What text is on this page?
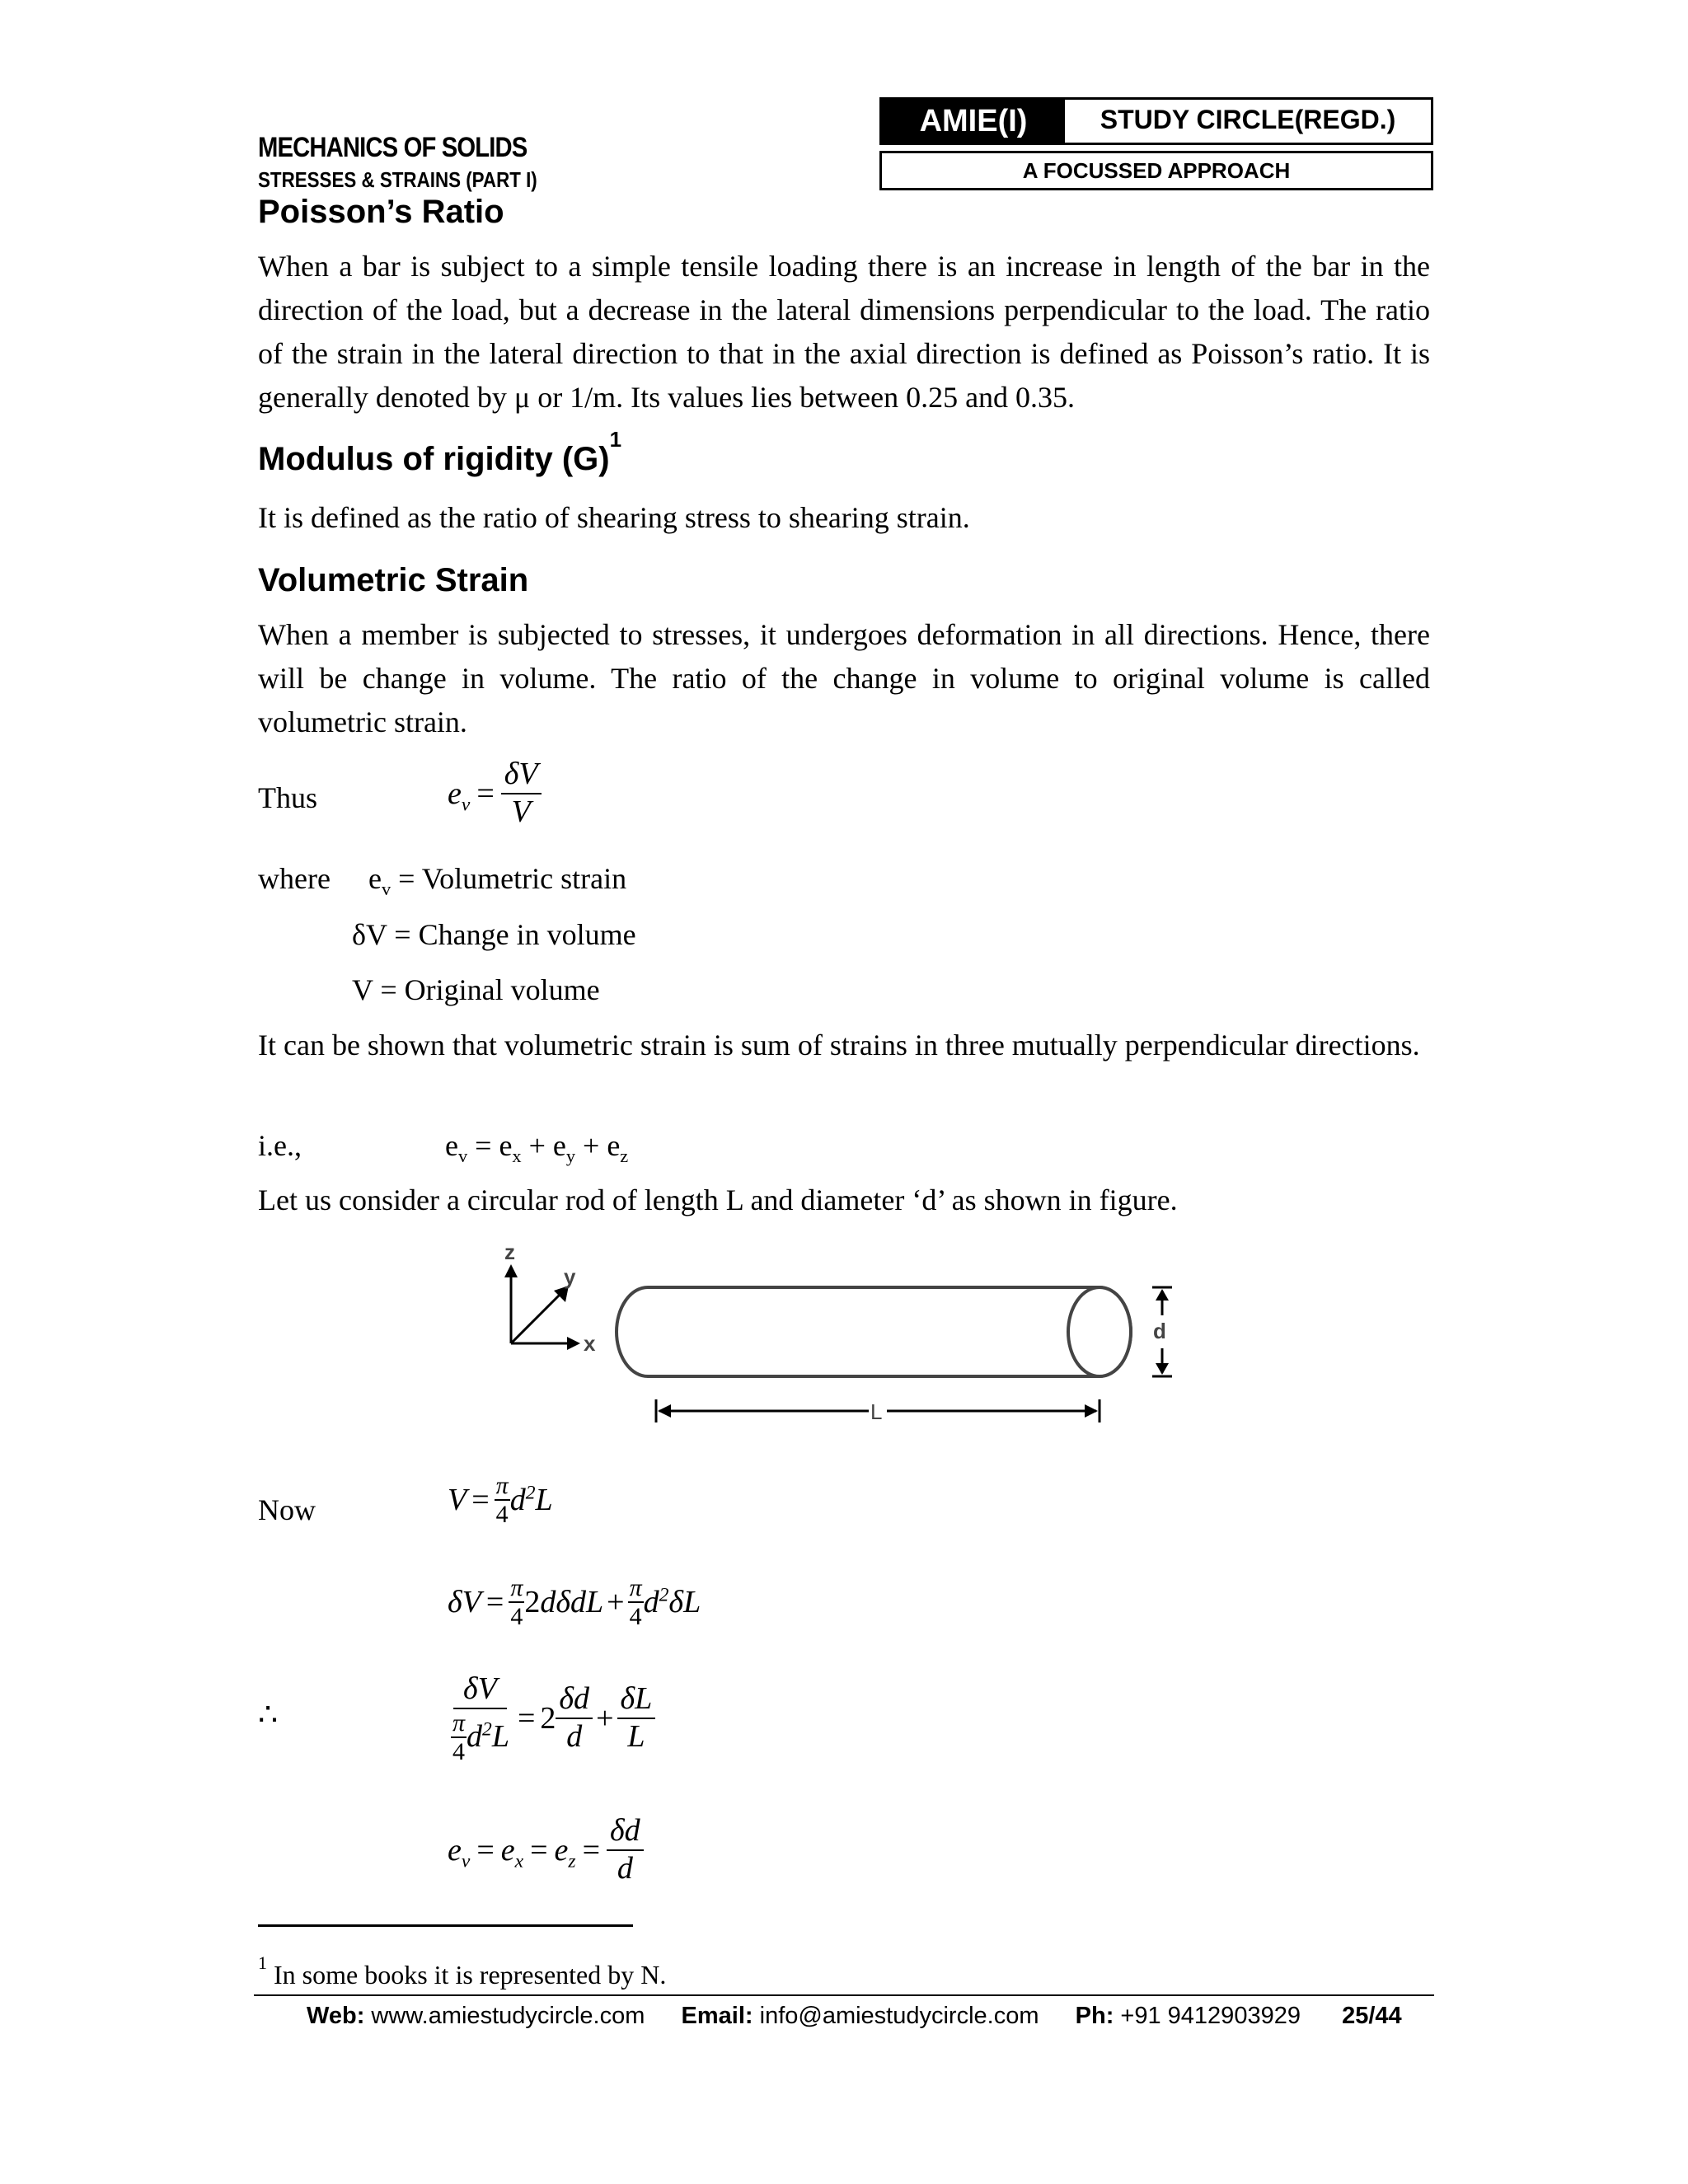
MECHANICS OF SOLIDS
STRESSES & STRAINS (PART I)
AMIE(I)	STUDY CIRCLE(REGD.)
A FOCUSSED APPROACH
Poisson’s Ratio
When a bar is subject to a simple tensile loading there is an increase in length of the bar in the direction of the load, but a decrease in the lateral dimensions perpendicular to the load. The ratio of the strain in the lateral direction to that in the axial direction is defined as Poisson’s ratio. It is generally denoted by μ or 1/m. Its values lies between 0.25 and 0.35.
Modulus of rigidity $(G)^1$
It is defined as the ratio of shearing stress to shearing strain.
Volumetric Strain
When a member is subjected to stresses, it undergoes deformation in all directions. Hence, there will be change in volume. The ratio of the change in volume to original volume is called volumetric strain.
Thus	$e_v = \frac{\delta V}{V}$
where $e_v$ = Volumetric strain
δV = Change in volume
V = Original volume
It can be shown that volumetric strain is sum of strains in three mutually perpendicular directions.
i.e.,	$e_v = e_x + e_y + e_z$
Let us consider a circular rod of length L and diameter ‘d’ as shown in figure.
z
y
x	d
L
Now	$V = \frac{\pi}{4} d^2L$
$\delta V = \frac{\pi}{4} 2d\delta dL + \frac{\pi}{4} d^2\delta L$
∴	$\frac{\delta V}{\frac{\pi}{4} d^2L} = 2 \frac{\delta d}{d} + \frac{\delta L}{L}$
$e_v = e_x = e_z = \frac{\delta d}{d}$
$^1$ In some books it is represented by N.
Web: www.amiestudycircle.com Email: info@amiestudycircle.com Ph: +91 9412903929 25/44
